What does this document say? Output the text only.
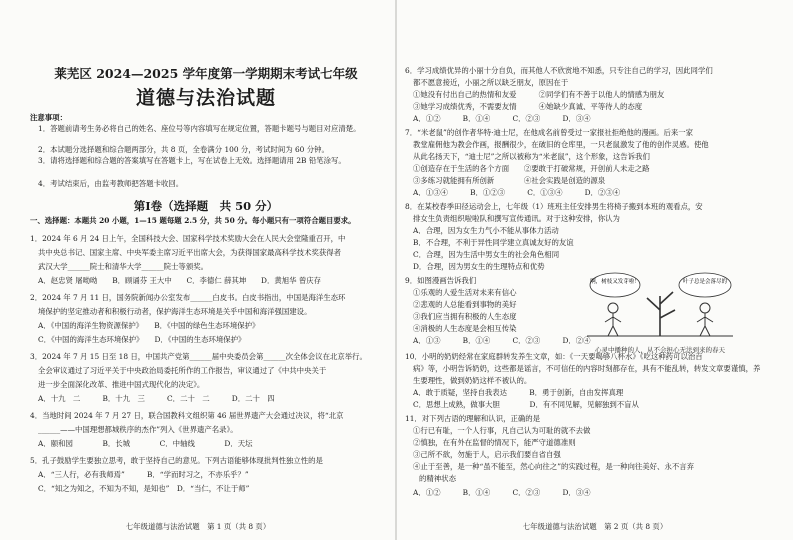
莱芜区 2024—2025 学年度第一学期期末考试七年级
道德与法治试题
注意事项：
1．答题前请考生务必将自己的姓名、座位号等内容填写在规定位置，答题卡题号与题目对应清楚。
2．本试题分选择题和综合题两部分，共 8 页，全卷满分 100 分，考试时间为 60 分钟。
3．请将选择题和综合题的答案填写在答题卡上，写在试卷上无效。选择题请用 2B 铅笔涂写。
4．考试结束后，由监考教师把答题卡收回。
第Ⅰ卷（选择题　共 50 分）
一、选择题：本题共 20 小题，1—15 题每题 2.5 分，共 50 分。每小题只有一项符合题目要求。
1．2024 年 6 月 24 日上午，全国科技大会、国家科学技术奖励大会在人民大会堂隆重召开，中
共中央总书记、国家主席、中央军委主席习近平出席大会，为获得国家最高科学技术奖获得者
武汉大学______院士和清华大学______院士等颁奖。
A．赵忠贤 屠呦呦　　B．顾诵芬 王大中　　C．李德仁 薛其坤　　D．黄旭华 曾庆存
2．2024 年 7 月 11 日，国务院新闻办公室发布______白皮书。白皮书指出，中国是海洋生态环
境保护的坚定推动者和积极行动者，保护海洋生态环境是关乎中国和海洋强国建设。
A．《中国的海洋生物资源保护》　　B．《中国的绿色生态环境保护》
C．《中国的海洋生态环境保护》　　D．《中国的生态环境保护》
3．2024 年 7 月 15 日至 18 日，中国共产党第______届中央委员会第______次全体会议在北京举行。
全会审议通过了习近平关于中央政治局委托所作的工作报告，审议通过了《中共中央关于
进一步全面深化改革、推进中国式现代化的决定》。
A．十九　二　　　B．十九　三　　　C．二十　二　　　D．二十　四
4．当地时间 2024 年 7 月 27 日，联合国教科文组织第 46 届世界遗产大会通过决议，将“北京
______——中国理想都城秩序的杰作”列入《世界遗产名录》。
A．颐和园　　　　B．长城　　　　C．中轴线　　　　D．天坛
5．孔子鼓励学生要独立思考，敢于坚持自己的意见。下列古语能够体现批判性独立性的是
A．“三人行，必有我师焉”　　　B．“学而时习之，不亦乐乎？”
C．“知之为知之，不知为不知，是知也”　D．“当仁，不让于师”
七年级道德与法治试题　第 1 页（共 8 页）
6．学习成绩优异的小丽十分自负，而其他人不欣赏地不知悉，只专注自己的学习，因此同学们
都不愿意接近，小丽之所以缺乏朋友，原因在于
①她没有付出自己的热情和友爱　　　②同学们有不善于以他人的情感为朋友
③她学习成绩优秀，不需要友情　　　④她缺少真诚、平等待人的态度
A．①②　　　B．①④　　　C．②③　　　D．③④
7．“米老鼠”的创作者华特·迪士尼，在他成名前曾受过一家报社拒绝他的漫画。后来一家
教堂雇佣他为教会作画，报酬很少，在破旧的仓库里，一只老鼠激发了他的创作灵感。使他
从此名扬天下，“迪士尼”之所以被称为“米老鼠”，这个形象，这告诉我们
①创造存在于生活的各个方面　　②要敢于打破常规，开创前人未走之路
③多练习就能拥有所创新　　　　④社会实践是创造的源泉
A．①③④　　　B．①②③　　　C．①③④　　　D．②③④
8．在某校春季田径运动会上，七年级（1）班班主任安排男生将椅子搬到本班的观看点，安
排女生负责组织啦啦队和撰写宣传通讯。对于这种安排，你认为
A．合理，因为女生力气小不能从事体力活动
B．不合理，不利于异性同学建立真诚友好的友谊
C．合理，因为生活中男女生的社会角色相同
D．合理，因为男女生的生理特点和优势
9．如图漫画告诉我们
①乐观的人爱生活对未来有信心
②悲观的人总能看到事物的美好
③我们应当拥有积极的人生态度
④消极的人生态度是会相互传染
A．①③　　　B．①④　　　C．②③　　　D．②④
10．小明的奶奶经常在家庭群转发养生文章，如：《一天要喝够八杯水》《吃这种药可以治百
病》等，小明告诉奶奶，这些都是谣言，不可信任的内容时刻都存在，具有不能乱转，转发文章要谨慎，养
生要理性，做到奶奶这样不被认的。
A．敢于质疑，坚持自我表达　　　B．勇于创新，自由发挥真理
C．思想上成熟，做事大胆　　　　D．有不同见解，见解独到不盲从
11．对下列古语的理解和认识，正确的是
①行已有耻，一个人行事，凡自己认为可耻的就不去做
②慎独，在有外在监督的情况下，能严守道德准则
③己所不欲，勿施于人，启示我们要自省自强
④止于至善，是一种“虽不能至，然心向往之”的实践过程，是一种向往美好、永不言弃
的精神状态
A．①②　　　B．①④　　　C．②③　　　D．③④
七年级道德与法治试题　第 2 页（共 8 页）
啊，树枝又发芽啦！	叶子总是会落尽的
心灵中播种的人，从不会担心无法到来的春天
